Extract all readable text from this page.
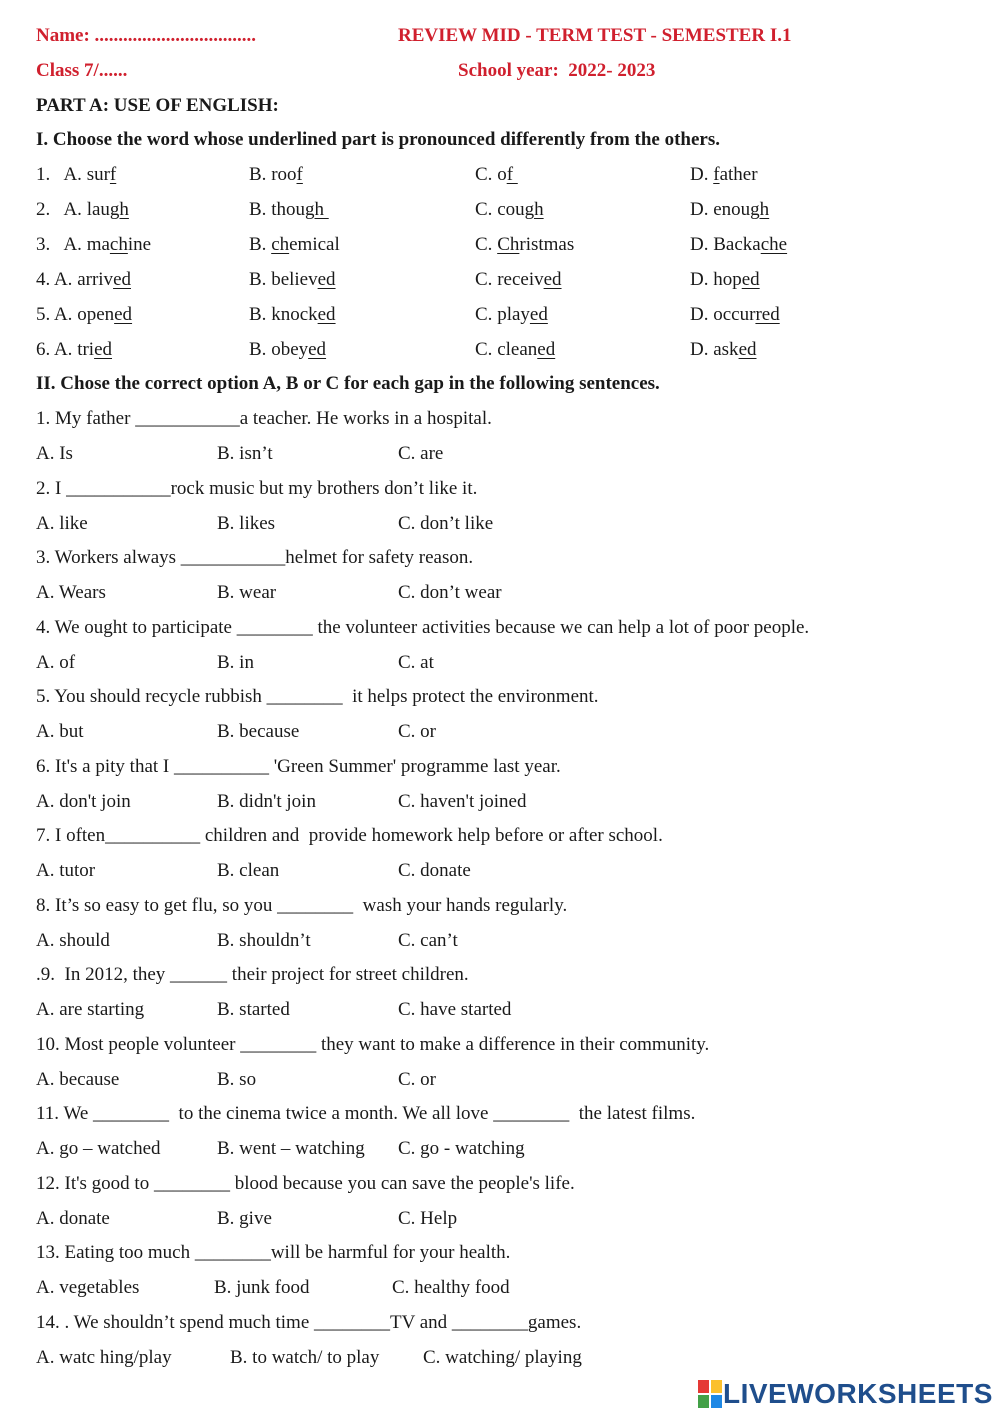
Name: ..................................	REVIEW MID - TERM TEST - SEMESTER I.1
Class 7/......	School year:  2022- 2023
PART A: USE OF ENGLISH:
I. Choose the word whose underlined part is pronounced differently from the others.
1.   A. surf	B. roof	C. of	D. father
2.   A. laugh	B. though	C. cough	D. enough
3.   A. machine	B. chemical	C. Christmas	D. Backache
4. A. arrived	B. believed	C. received	D. hoped
5. A. opened	B. knocked	C. played	D. occurred
6. A. tried	B. obeyed	C. cleaned	D. asked
II. Chose the correct option A, B or C for each gap in the following sentences.
1. My father ___________a teacher. He works in a hospital.
A. Is	B. isn’t	C. are
2. I ___________rock music but my brothers don’t like it.
A. like	B. likes	C. don’t like
3. Workers always ___________helmet for safety reason.
A. Wears	B. wear	C. don’t wear
4. We ought to participate ________ the volunteer activities because we can help a lot of poor people.
A. of	B. in	C. at
5. You should recycle rubbish ________  it helps protect the environment.
A. but	B. because	C. or
6. It's a pity that I __________ 'Green Summer' programme last year.
A. don't join	B. didn't join	C. haven't joined
7. I often__________ children and  provide homework help before or after school.
A. tutor	B. clean	C. donate
8. It’s so easy to get flu, so you ________  wash your hands regularly.
A. should	B. shouldn’t	C. can’t
.9.  In 2012, they ______ their project for street children.
A. are starting	B. started	C. have started
10. Most people volunteer ________ they want to make a difference in their community.
A. because	B. so	C. or
11. We ________  to the cinema twice a month. We all love ________  the latest films.
A. go – watched	B. went – watching C. go - watching
12. It's good to ________ blood because you can save the people's life.
A. donate	B. give	C. Help
13. Eating too much ________will be harmful for your health.
A. vegetables	B. junk food	C. healthy food
14. . We shouldn’t spend much time ________TV and ________games.
A. watc hing/play	B. to watch/ to play C. watching/ playing
LIVEWORKSHEETS
